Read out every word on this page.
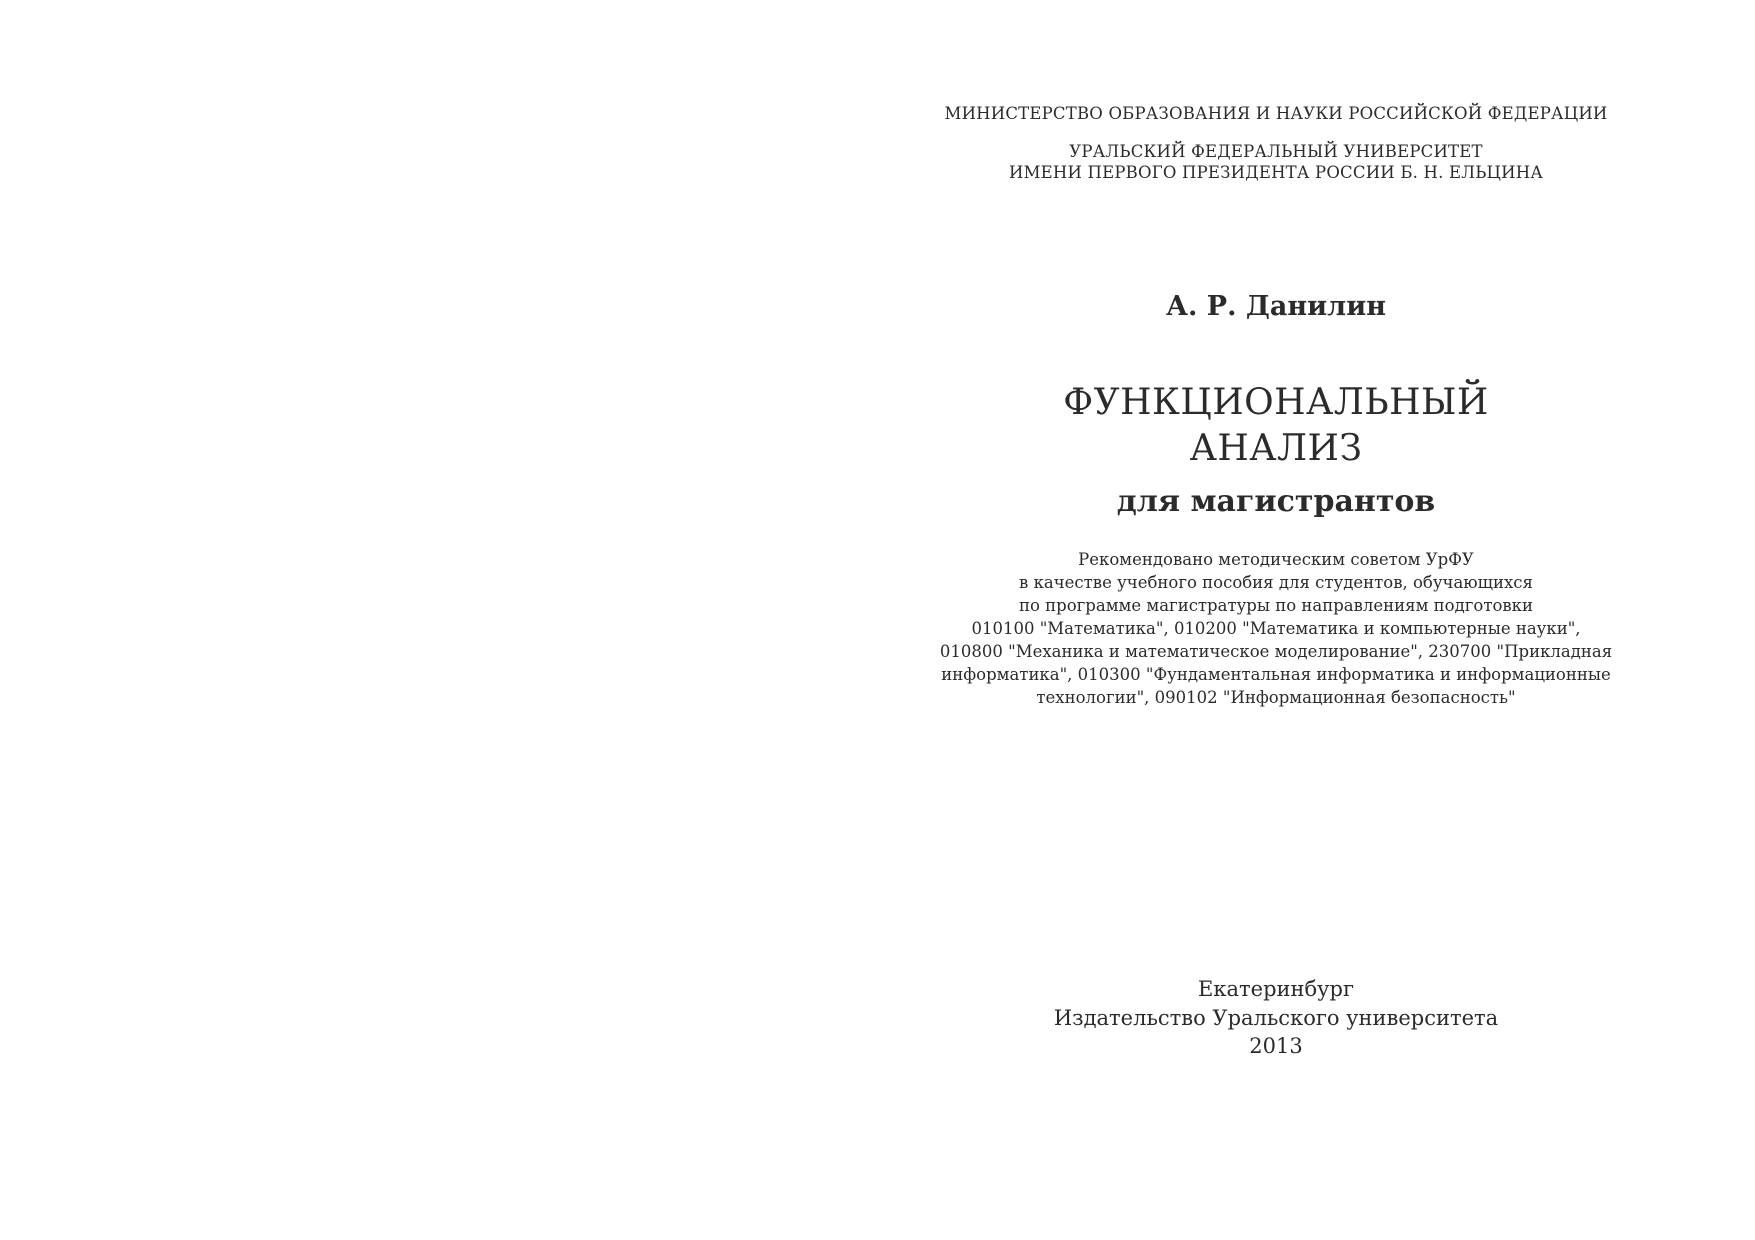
МИНИСТЕРСТВО ОБРАЗОВАНИЯ И НАУКИ РОССИЙСКОЙ ФЕДЕРАЦИИ
УРАЛЬСКИЙ ФЕДЕРАЛЬНЫЙ УНИВЕРСИТЕТ
ИМЕНИ ПЕРВОГО ПРЕЗИДЕНТА РОССИИ Б. Н. ЕЛЬЦИНА
А. Р. Данилин
ФУНКЦИОНАЛЬНЫЙ
АНАЛИЗ
для магистрантов
Рекомендовано методическим советом УрФУ
в качестве учебного пособия для студентов, обучающихся
по программе магистратуры по направлениям подготовки
010100 "Математика", 010200 "Математика и компьютерные науки",
010800 "Механика и математическое моделирование", 230700 "Прикладная
информатика", 010300 "Фундаментальная информатика и информационные
технологии", 090102 "Информационная безопасность"
Екатеринбург
Издательство Уральского университета
2013
